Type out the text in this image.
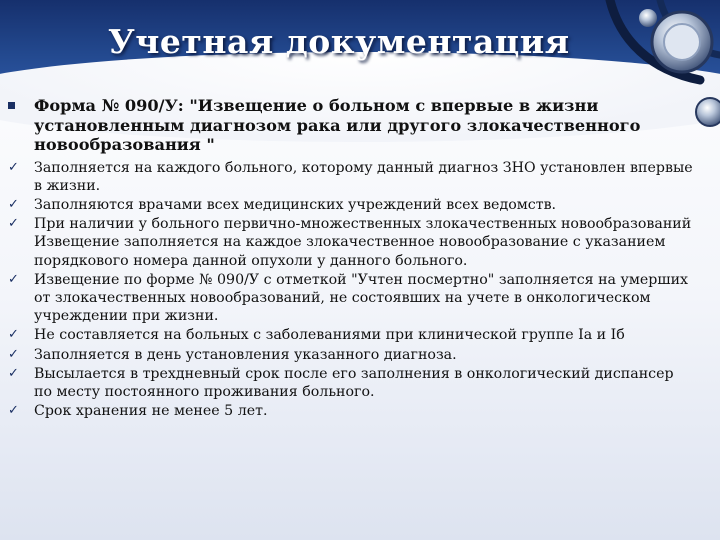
Учетная документация
Форма № 090/У: "Извещение о больном с впервые в жизни установленным диагнозом рака или другого злокачественного новообразования "
✓ Заполняется на каждого больного, которому данный диагноз ЗНО установлен впервые в жизни.
✓ Заполняются врачами всех медицинских учреждений всех ведомств.
✓ При наличии у больного первично-множественных злокачественных новообразований Извещение заполняется на каждое злокачественное новообразование с указанием порядкового номера данной опухоли у данного больного.
✓ Извещение по форме № 090/У с отметкой "Учтен посмертно" заполняется на умерших от злокачественных новообразований, не состоявших на учете в онкологическом учреждении при жизни.
✓ Не составляется на больных с заболеваниями при клинической группе Iа и Iб
✓ Заполняется в день установления указанного диагноза.
✓ Высылается в трехдневный срок после его заполнения в онкологический диспансер по месту постоянного проживания больного.
✓ Срок хранения не менее 5 лет.
